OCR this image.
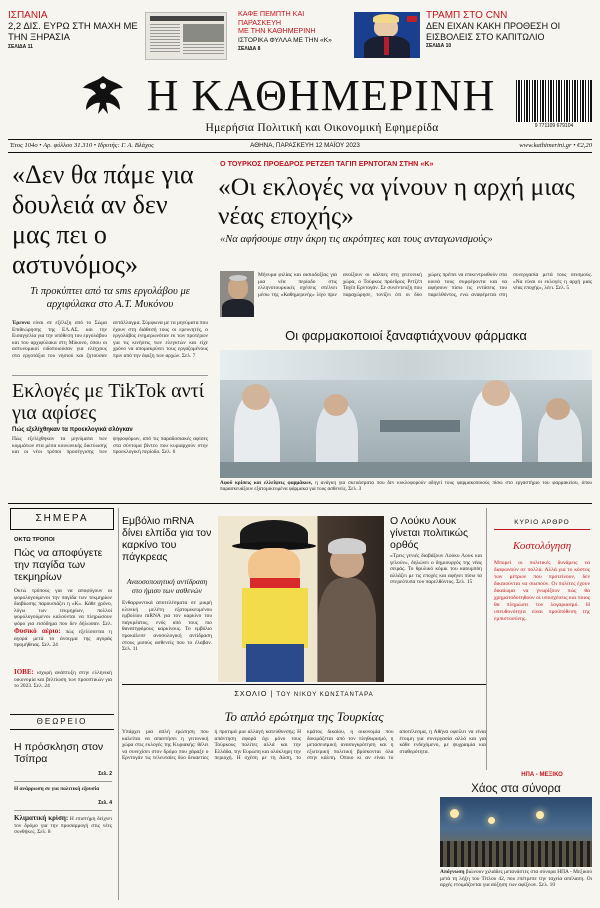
ΙΣΠΑΝΙΑ
2,2 ΔΙΣ. ΕΥΡΩ ΣΤΗ ΜΑΧΗ ΜΕ ΤΗΝ ΞΗΡΑΣΙΑ
ΣΕΛΙΔΑ 11
ΚΑΦΕ ΠΕΜΠΤΗ ΚΑΙ ΠΑΡΑΣΚΕΥΗ
ΜΕ ΤΗΝ ΚΑΘΗΜΕΡΙΝΗ
ΙΣΤΟΡΙΚΑ ΦΥΛΛΑ ΜΕ ΤΗΝ «Κ»
ΣΕΛΙΔΑ 8
ΤΡΑΜΠ ΣΤΟ CNN
ΔΕΝ ΕΙΧΑΝ ΚΑΚΗ ΠΡΟΘΕΣΗ ΟΙ ΕΙΣΒΟΛΕΙΣ ΣΤΟ ΚΑΠΙΤΩΛΙΟ
ΣΕΛΙΔΑ 10
Η ΚΑΘΗΜΕΡΙΝΗ
Ημερήσια Πολιτική και Οικονομική Εφημερίδα	9 771109 679104
Έτος 104ο • Αρ. φύλλου 31.310 • Ιδρυτής: Γ. Α. Βλάχος	ΑΘΗΝΑ, ΠΑΡΑΣΚΕΥΗ 12 ΜΑΪΟΥ 2023	www.kathimerini.gr • €2,20
«Δεν θα πάμε για δουλειά αν δεν μας πει ο αστυνόμος»
Τι προκύπτει από τα sms εργολάβου με αρχιφύλακα στο Α.Τ. Μυκόνου
Έρευνα είναι σε εξέλιξη από το Σώμα Επιθεώρησης της ΕΛ.ΑΣ. και την Εισαγγελία για την υπόθεση του εργολάβου και του αρχιφύλακα στη Μύκονο, όπου οι αστυνομικοί ειδοποιούσαν για ελέγχους στα εργοτάξια του νησιού και ζητούσαν αντάλλαγμα. Σύμφωνα με τα μηνύματα που έχουν στη διάθεσή τους οι ερευνητές, ο εργολάβος ενημερωνόταν εκ των προτέρων για τις κινήσεις των ελεγκτών και είχε χρόνο να απομακρύνει τους εργαζομένους πριν από την άφιξη των αρχών. Σελ. 7
Εκλογές με TikTok αντί για αφίσες
Πώς εξελίχθηκαν τα προεκλογικά σλόγκαν
Πώς εξελίχθηκαν τα μηνύματα των κομμάτων στα μέσα κοινωνικής δικτύωσης και οι νέοι τρόποι προσέγγισης των ψηφοφόρων, από τις παραδοσιακές αφίσες στα σύντομα βίντεο που κυριαρχούν στην προεκλογική περίοδο. Σελ. 6
Ο ΤΟΥΡΚΟΣ ΠΡΟΕΔΡΟΣ ΡΕΤΖΕΠ ΤΑΓΙΠ ΕΡΝΤΟΓΑΝ ΣΤΗΝ «Κ»
«Οι εκλογές να γίνουν η αρχή μιας νέας εποχής»
«Να αφήσουμε στην άκρη τις ακρότητες και τους ανταγωνισμούς»
Μήνυμα φιλίας και αισιοδοξίας για μια νέα περίοδο στις ελληνοτουρκικές σχέσεις στέλνει μέσω της «Καθημερινής» λίγο πριν ανοίξουν οι κάλπες στη γειτονική χώρα, ο Τούρκος πρόεδρος Ρετζέπ Ταγίπ Ερντογάν. Σε συνέντευξη που παραχώρησε, τονίζει ότι οι δύο χώρες πρέπει να επικεντρωθούν στα κοινά τους συμφέροντα και να αφήσουν πίσω τις εντάσεις του παρελθόντος, ενώ αναφέρεται στη συνεργασία μετά τους σεισμούς. «Να είναι οι εκλογές η αρχή μιας νέας εποχής», λέει. Σελ. 5
Οι φαρμακοποιοί ξαναφτιάχνουν φάρμακα
Αφού κρίσεις και ελλείψεις φαρμάκων, η ανάγκη για σκευάσματα που δεν κυκλοφορούν οδηγεί τους φαρμακοποιούς πίσω στο εργαστήριο του φαρμακείου, όπου παρασκευάζουν εξατομικευμένα φάρμακα για τους ασθενείς. Σελ. 3
ΣΗΜΕΡΑ
ΟΚΤΩ ΤΡΟΠΟΙ
Πώς να αποφύγετε την παγίδα των τεκμηρίων
Οκτώ τρόπους για να αποφύγουν οι φορολογούμενοι την παγίδα των τεκμηρίων διαβίωσης παρουσιάζει η «Κ». Κάθε χρόνο, λόγω των τεκμηρίων, πολλοί φορολογούμενοι καλούνται να πληρώσουν φόρο για εισόδημα που δεν δήλωσαν. Σελ.
Φυσικό αέριο: πώς εξελίσσεται η αγορά μετά το άνοιγμα της αγοράς προμήθειας. Σελ. 24
ΙΟΒΕ: ισχυρή ανάπτυξη στην ελληνική οικονομία και βελτίωση των προοπτικών για το 2023. Σελ. 24
ΘΕΩΡΕΙΟ
Η πρόσκληση στον Τσίπρα
Σελ. 2
Η ανάρρωση σε για πολιτική εξουσία
Σελ. 4
Κλιματική κρίση: Η επιστήμη δείχνει τον δρόμο για την προσαρμογή στις νέες συνθήκες. Σελ. 8
Εμβόλιο mRNA δίνει ελπίδα για τον καρκίνο του πάγκρεας
Αναοσοποιητική αντίδραση στο ήμισυ των ασθενών
Ενθαρρυντικά αποτελέσματα σε μικρή κλινική μελέτη εξατομικευμένου εμβολίου mRNA για τον καρκίνο του παγκρέατος, ενός από τους πιο θανατηφόρους καρκίνους. Το εμβόλιο προκάλεσε ανοσολογική αντίδραση στους μισούς ασθενείς που το έλαβαν. Σελ. 11
Ο Λούκυ Λουκ γίνεται πολιτικώς ορθός
«Τρεις γενιές διαβάζουν Λούκυ Λουκ και γελούν», δηλώνει ο δημιουργός της νέας σειράς. Το θρυλικό κόμικ του καουμπόη αλλάζει με τις εποχές και αφήνει πίσω τα στερεότυπα του παρελθόντος. Σελ. 15
ΚΥΡΙΟ ΑΡΘΡΟ
Κοστολόγηση
Μπορεί οι πολιτικές δυνάμεις να διαφωνούν σε πολλά. Αλλά για το κόστος των μέτρων που προτείνουν, δεν δικαιούνται να σιωπούν. Οι πολίτες έχουν δικαίωμα να γνωρίζουν πώς θα χρηματοδοτηθούν οι υποσχέσεις και ποιος θα πληρώσει τον λογαριασμό. Η υπευθυνότητα είναι προϋπόθεση της εμπιστοσύνης.
ΣΧΟΛΙΟ | ΤΟΥ ΝΙΚΟΥ ΚΩΝΣΤΑΝΤΑΡΑ
Το απλό ερώτημα της Τουρκίας
Υπάρχει μια απλή ερώτηση που καλείται να απαντήσει η γειτονική χώρα στις εκλογές της Κυριακής: θέλει να συνεχίσει στον δρόμο που χάραξε ο Ερντογάν τις τελευταίες δύο δεκαετίες ή προτιμά μια αλλαγή κατεύθυνσης; Η απάντηση αφορά όχι μόνο τους Τούρκους πολίτες αλλά και την Ελλάδα, την Ευρώπη και ολόκληρη την περιοχή. Η σχέση με τη Δύση, το κράτος δικαίου, η οικονομία που δοκιμάζεται από τον πληθωρισμό, η μετασεισμική ανασυγκρότηση και η εξωτερική πολιτική βρίσκονται όλα στην κάλπη. Οποιο κι αν είναι το αποτέλεσμα, η Αθήνα οφείλει να είναι έτοιμη για συνεργασία αλλά και για κάθε ενδεχόμενο, με ψυχραιμία και σταθερότητα.
ΗΠΑ - ΜΕΞΙΚΟ
Χάος στα σύνορα
Απόγνωση βιώνουν χιλιάδες μετανάστες στα σύνορα ΗΠΑ - Μεξικού μετά τη λήξη του Τίτλου 42, που επέτρεπε την ταχεία απέλαση. Οι αρχές ετοιμάζονται για αύξηση των αφίξεων. Σελ. 10
